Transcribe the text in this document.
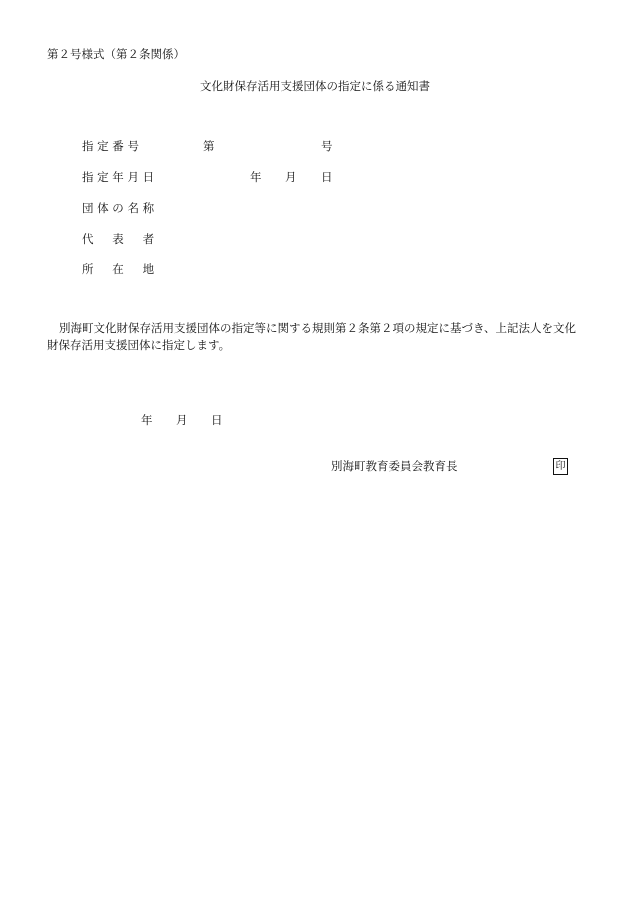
第２号様式（第２条関係）
文化財保存活用支援団体の指定に係る通知書
指 定 番 号	第	号
指 定 年 月 日	年 月 日
団 体 の 名 称
代 　 表 　 者
所 　 在 　 地
別海町文化財保存活用支援団体の指定等に関する規則第２条第２項の規定に基づき、上記法人を文化財保存活用支援団体に指定します。
年 月 日
別海町教育委員会教育長	印
